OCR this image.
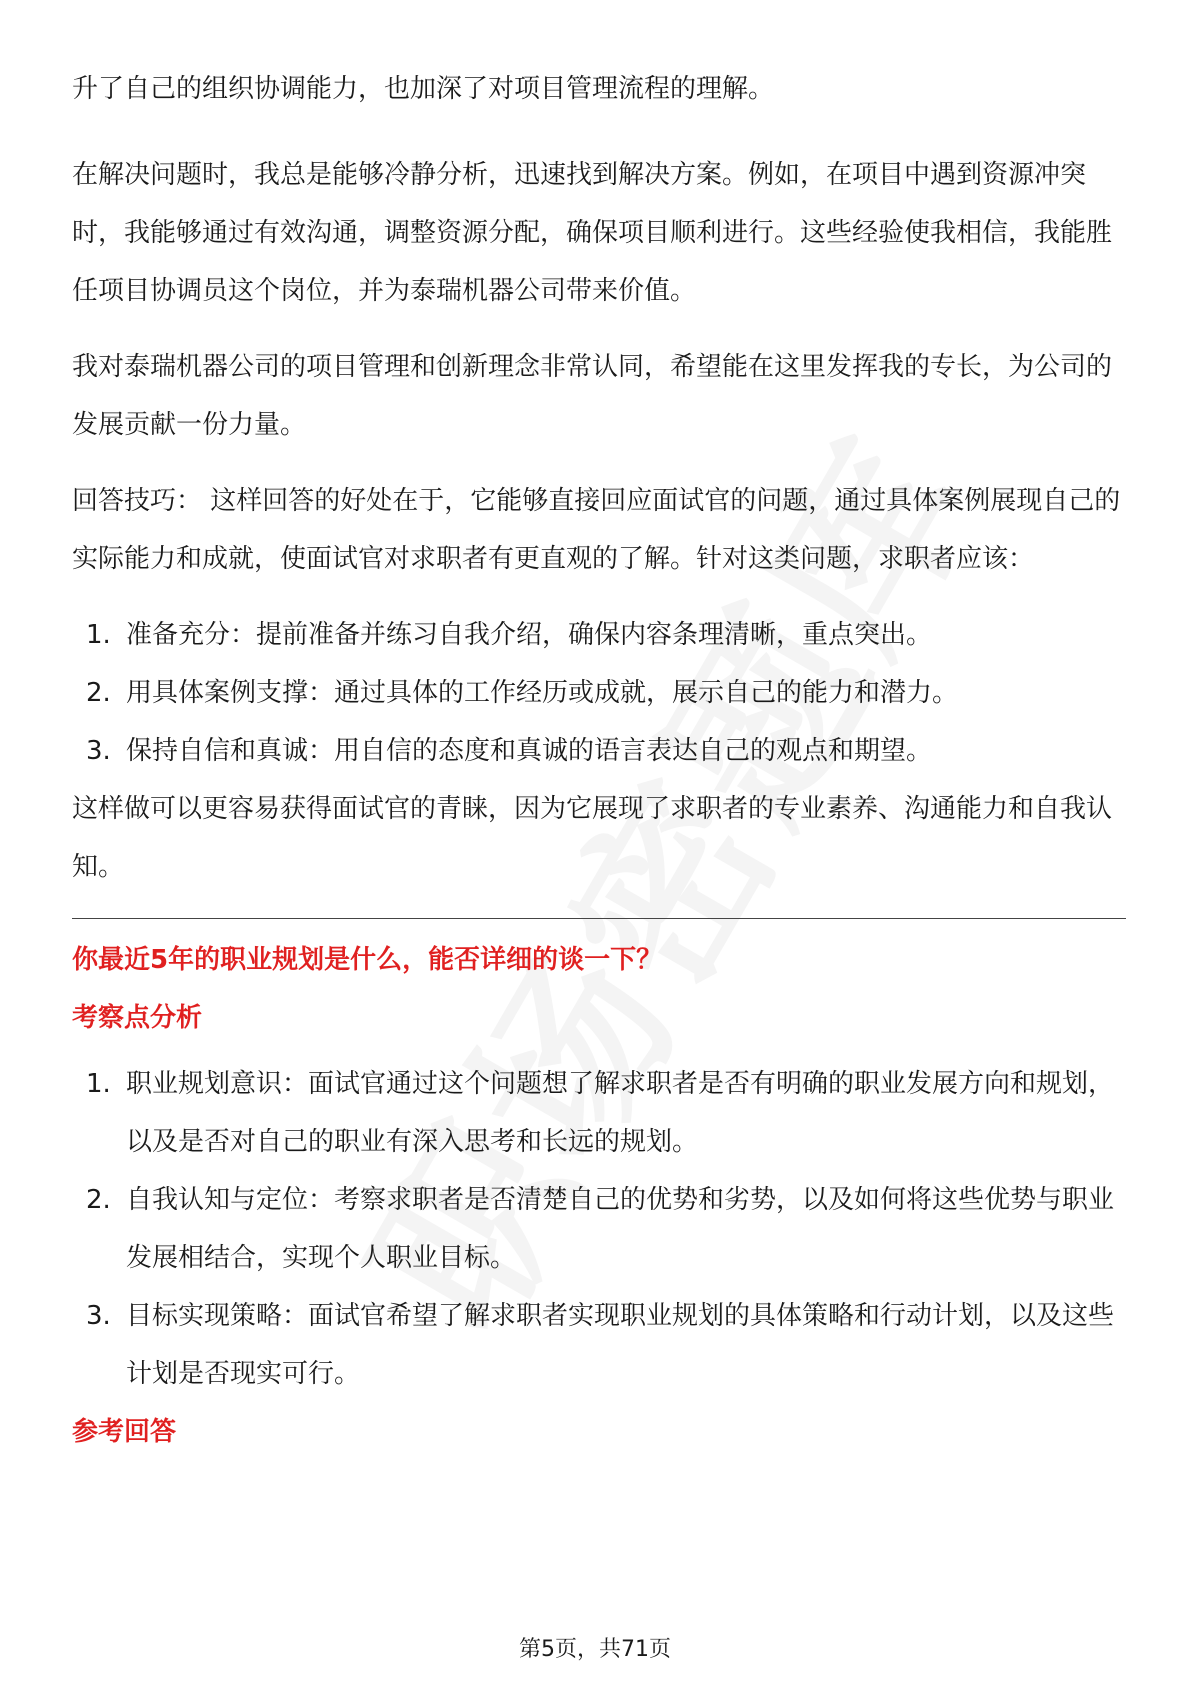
升了自己的组织协调能力，也加深了对项目管理流程的理解。

在解决问题时，我总是能够冷静分析，迅速找到解决方案。例如，在项目中遇到资源冲突时，我能够通过有效沟通，调整资源分配，确保项目顺利进行。这些经验使我相信，我能胜任项目协调员这个岗位，并为泰瑞机器公司带来价值。

我对泰瑞机器公司的项目管理和创新理念非常认同，希望能在这里发挥我的专长，为公司的发展贡献一份力量。

回答技巧： 这样回答的好处在于，它能够直接回应面试官的问题，通过具体案例展现自己的实际能力和成就，使面试官对求职者有更直观的了解。针对这类问题，求职者应该：

1. 准备充分：提前准备并练习自我介绍，确保内容条理清晰，重点突出。
2. 用具体案例支撑：通过具体的工作经历或成就，展示自己的能力和潜力。
3. 保持自信和真诚：用自信的态度和真诚的语言表达自己的观点和期望。

这样做可以更容易获得面试官的青睐，因为它展现了求职者的专业素养、沟通能力和自我认知。

你最近5年的职业规划是什么，能否详细的谈一下？
考察点分析
1. 职业规划意识：面试官通过这个问题想了解求职者是否有明确的职业发展方向和规划，以及是否对自己的职业有深入思考和长远的规划。
2. 自我认知与定位：考察求职者是否清楚自己的优势和劣势，以及如何将这些优势与职业发展相结合，实现个人职业目标。
3. 目标实现策略：面试官希望了解求职者实现职业规划的具体策略和行动计划，以及这些计划是否现实可行。
参考回答
第5页，共71页
